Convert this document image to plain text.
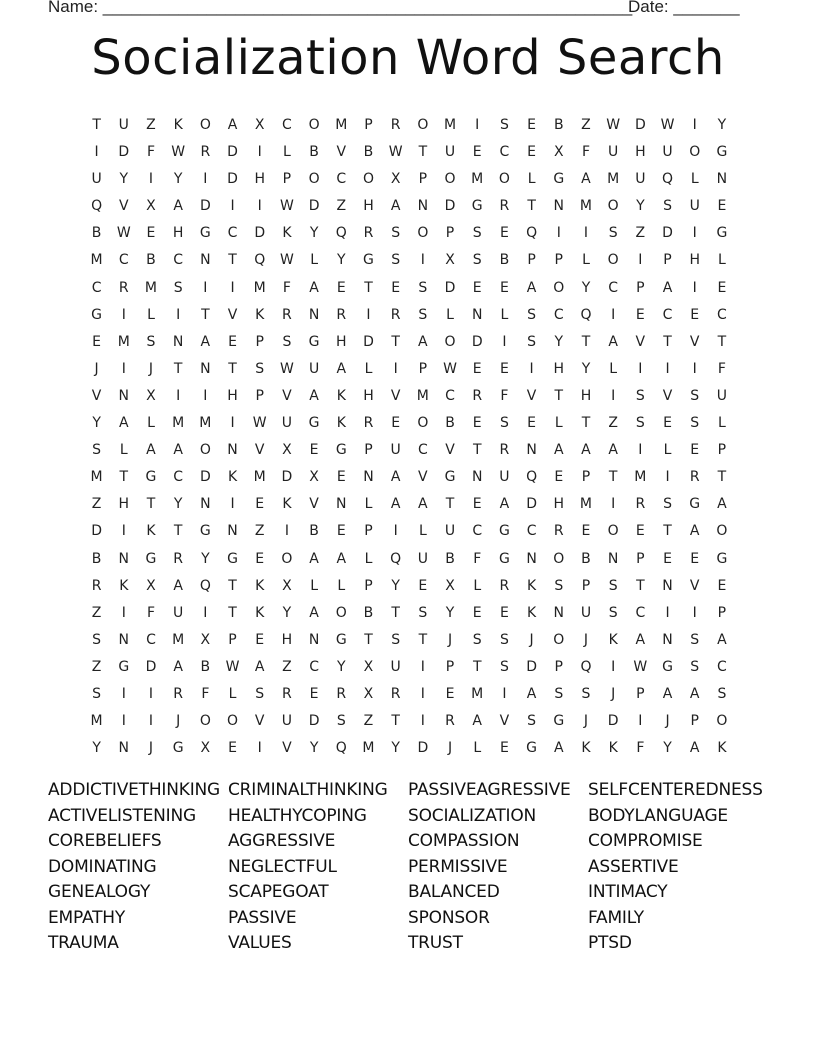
Name: ________________________________________________________
Date: _______
Socialization Word Search
T	U	Z	K	O	A	X	C	O	M	P	R	O	M	I	S	E	B	Z	W	D	W	I	Y
I	D	F	W	R	D	I	L	B	V	B	W	T	U	E	C	E	X	F	U	H	U	O	G
U	Y	I	Y	I	D	H	P	O	C	O	X	P	O	M	O	L	G	A	M	U	Q	L	N
Q	V	X	A	D	I	I	W	D	Z	H	A	N	D	G	R	T	N	M	O	Y	S	U	E
B	W	E	H	G	C	D	K	Y	Q	R	S	O	P	S	E	Q	I	I	S	Z	D	I	G
M	C	B	C	N	T	Q	W	L	Y	G	S	I	X	S	B	P	P	L	O	I	P	H	L
C	R	M	S	I	I	M	F	A	E	T	E	S	D	E	E	A	O	Y	C	P	A	I	E
G	I	L	I	T	V	K	R	N	R	I	R	S	L	N	L	S	C	Q	I	E	C	E	C
E	M	S	N	A	E	P	S	G	H	D	T	A	O	D	I	S	Y	T	A	V	T	V	T
J	I	J	T	N	T	S	W	U	A	L	I	P	W	E	E	I	H	Y	L	I	I	I	F
V	N	X	I	I	H	P	V	A	K	H	V	M	C	R	F	V	T	H	I	S	V	S	U
Y	A	L	M	M	I	W	U	G	K	R	E	O	B	E	S	E	L	T	Z	S	E	S	L
S	L	A	A	O	N	V	X	E	G	P	U	C	V	T	R	N	A	A	A	I	L	E	P
M	T	G	C	D	K	M	D	X	E	N	A	V	G	N	U	Q	E	P	T	M	I	R	T
Z	H	T	Y	N	I	E	K	V	N	L	A	A	T	E	A	D	H	M	I	R	S	G	A
D	I	K	T	G	N	Z	I	B	E	P	I	L	U	C	G	C	R	E	O	E	T	A	O
B	N	G	R	Y	G	E	O	A	A	L	Q	U	B	F	G	N	O	B	N	P	E	E	G
R	K	X	A	Q	T	K	X	L	L	P	Y	E	X	L	R	K	S	P	S	T	N	V	E
Z	I	F	U	I	T	K	Y	A	O	B	T	S	Y	E	E	K	N	U	S	C	I	I	P
S	N	C	M	X	P	E	H	N	G	T	S	T	J	S	S	J	O	J	K	A	N	S	A
Z	G	D	A	B	W	A	Z	C	Y	X	U	I	P	T	S	D	P	Q	I	W	G	S	C
S	I	I	R	F	L	S	R	E	R	X	R	I	E	M	I	A	S	S	J	P	A	A	S
M	I	I	J	O	O	V	U	D	S	Z	T	I	R	A	V	S	G	J	D	I	J	P	O
Y	N	J	G	X	E	I	V	Y	Q	M	Y	D	J	L	E	G	A	K	K	F	Y	A	K
ADDICTIVETHINKING CRIMINALTHINKING	PASSIVEAGRESSIVE	SELFCENTEREDNESS
ACTIVELISTENING	HEALTHYCOPING	SOCIALIZATION	BODYLANGUAGE
COREBELIEFS	AGGRESSIVE	COMPASSION	COMPROMISE
DOMINATING	NEGLECTFUL	PERMISSIVE	ASSERTIVE
GENEALOGY	SCAPEGOAT	BALANCED	INTIMACY
EMPATHY	PASSIVE	SPONSOR	FAMILY
TRAUMA	VALUES	TRUST	PTSD
